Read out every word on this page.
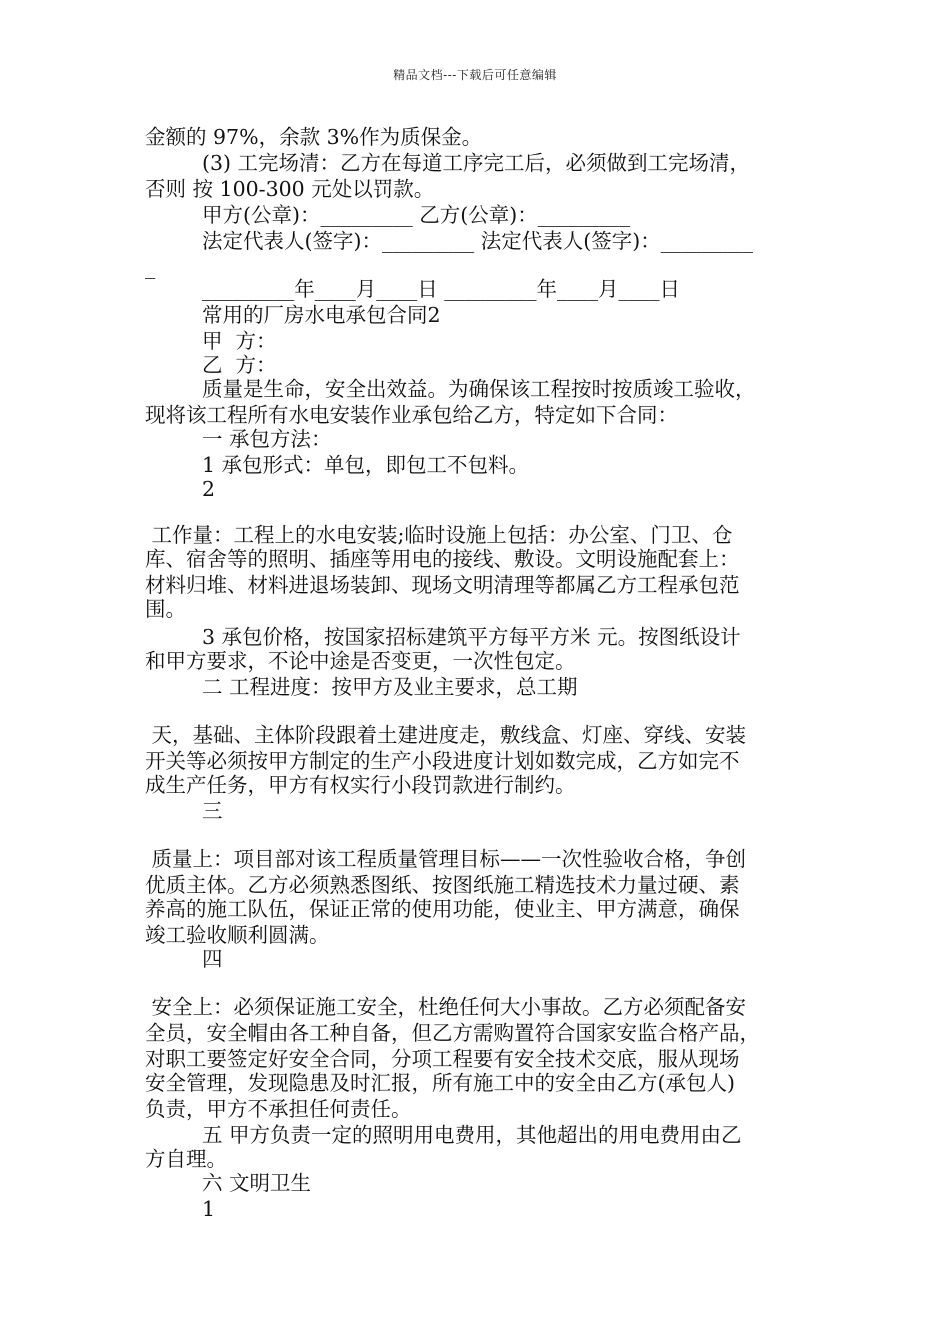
精品文档---下载后可任意编辑
金额的 97%，余款 3%作为质保金。
(3) 工完场清：乙方在每道工序完工后，必须做到工完场清，
否则 按 100-300 元处以罚款。
甲方(公章)：_________ 乙方(公章)：_________
法定代表人(签字)：_________ 法定代表人(签字)：_________
_
_________年____月____日 _________年____月____日
常用的厂房水电承包合同2
甲  方：
乙  方：
质量是生命，安全出效益。为确保该工程按时按质竣工验收，
现将该工程所有水电安装作业承包给乙方，特定如下合同：
一 承包方法：
1 承包形式：单包，即包工不包料。
2
工作量：工程上的水电安装;临时设施上包括：办公室、门卫、仓
库、宿舍等的照明、插座等用电的接线、敷设。文明设施配套上：
材料归堆、材料进退场装卸、现场文明清理等都属乙方工程承包范
围。
3 承包价格，按国家招标建筑平方每平方米 元。按图纸设计
和甲方要求，不论中途是否变更，一次性包定。
二 工程进度：按甲方及业主要求，总工期
天，基础、主体阶段跟着土建进度走，敷线盒、灯座、穿线、安装
开关等必须按甲方制定的生产小段进度计划如数完成，乙方如完不
成生产任务，甲方有权实行小段罚款进行制约。
三
质量上：项目部对该工程质量管理目标——一次性验收合格，争创
优质主体。乙方必须熟悉图纸、按图纸施工精选技术力量过硬、素
养高的施工队伍，保证正常的使用功能，使业主、甲方满意，确保
竣工验收顺利圆满。
四
安全上：必须保证施工安全，杜绝任何大小事故。乙方必须配备安
全员，安全帽由各工种自备，但乙方需购置符合国家安监合格产品，
对职工要签定好安全合同，分项工程要有安全技术交底，服从现场
安全管理，发现隐患及时汇报，所有施工中的安全由乙方(承包人)
负责，甲方不承担任何责任。
五 甲方负责一定的照明用电费用，其他超出的用电费用由乙
方自理。
六 文明卫生
1
